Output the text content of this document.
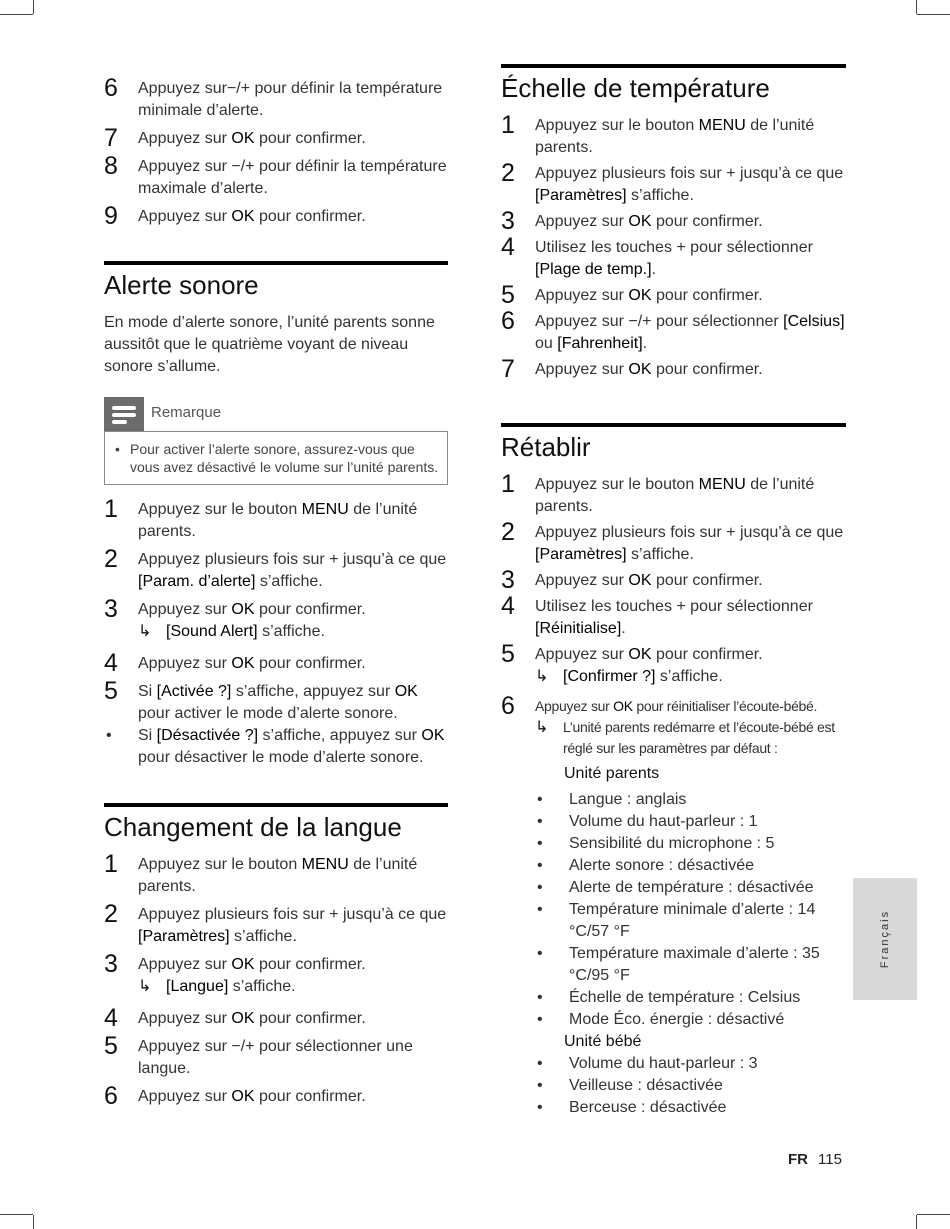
6 Appuyez sur−/+ pour définir la température minimale d’alerte.
7 Appuyez sur OK pour confirmer.
8 Appuyez sur −/+ pour définir la température maximale d’alerte.
9 Appuyez sur OK pour confirmer.
Alerte sonore
En mode d’alerte sonore, l’unité parents sonne aussitôt que le quatrième voyant de niveau sonore s’allume.
Remarque
• Pour activer l’alerte sonore, assurez-vous que vous avez désactivé le volume sur l’unité parents.
1 Appuyez sur le bouton MENU de l’unité parents.
2 Appuyez plusieurs fois sur + jusqu’à ce que [Param. d’alerte] s’affiche.
3 Appuyez sur OK pour confirmer.
↳ [Sound Alert] s’affiche.
4 Appuyez sur OK pour confirmer.
5 Si [Activée ?] s’affiche, appuyez sur OK pour activer le mode d’alerte sonore.
• Si [Désactivée ?] s’affiche, appuyez sur OK pour désactiver le mode d’alerte sonore.
Changement de la langue
1 Appuyez sur le bouton MENU de l’unité parents.
2 Appuyez plusieurs fois sur + jusqu’à ce que [Paramètres] s’affiche.
3 Appuyez sur OK pour confirmer.
↳ [Langue] s’affiche.
4 Appuyez sur OK pour confirmer.
5 Appuyez sur −/+ pour sélectionner une langue.
6 Appuyez sur OK pour confirmer.
Échelle de température
1 Appuyez sur le bouton MENU de l’unité parents.
2 Appuyez plusieurs fois sur + jusqu’à ce que [Paramètres] s’affiche.
3 Appuyez sur OK pour confirmer.
4 Utilisez les touches + pour sélectionner [Plage de temp.].
5 Appuyez sur OK pour confirmer.
6 Appuyez sur −/+ pour sélectionner [Celsius] ou [Fahrenheit].
7 Appuyez sur OK pour confirmer.
Rétablir
1 Appuyez sur le bouton MENU de l’unité parents.
2 Appuyez plusieurs fois sur + jusqu’à ce que [Paramètres] s’affiche.
3 Appuyez sur OK pour confirmer.
4 Utilisez les touches + pour sélectionner [Réinitialise].
5 Appuyez sur OK pour confirmer.
↳ [Confirmer ?] s’affiche.
6 Appuyez sur OK pour réinitialiser l’écoute-bébé.
↳ L’unité parents redémarre et l’écoute-bébé est réglé sur les paramètres par défaut :
Unité parents
• Langue : anglais
• Volume du haut-parleur : 1
• Sensibilité du microphone : 5
• Alerte sonore : désactivée
• Alerte de température : désactivée
• Température minimale d’alerte : 14 °C/57 °F
• Température maximale d’alerte : 35 °C/95 °F
• Échelle de température : Celsius
• Mode Éco. énergie : désactivé
Unité bébé
• Volume du haut-parleur : 3
• Veilleuse : désactivée
• Berceuse : désactivée
Français
FR 115
